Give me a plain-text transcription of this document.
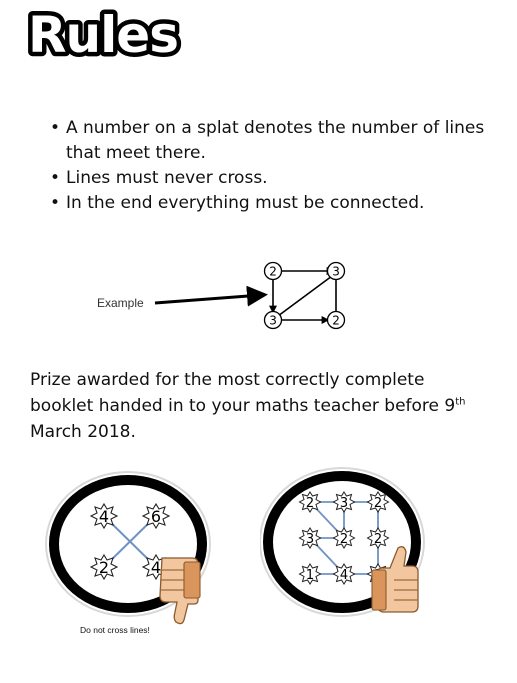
Rules
• A number on a splat denotes the number of lines that meet there.
• Lines must never cross.
• In the end everything must be connected.
Example
2	3
3	2
Prize awarded for the most correctly complete booklet handed in to your maths teacher before 9th March 2018.
4	6
2	4
Do not cross lines!
2 3 2
3 2 2
1 4
